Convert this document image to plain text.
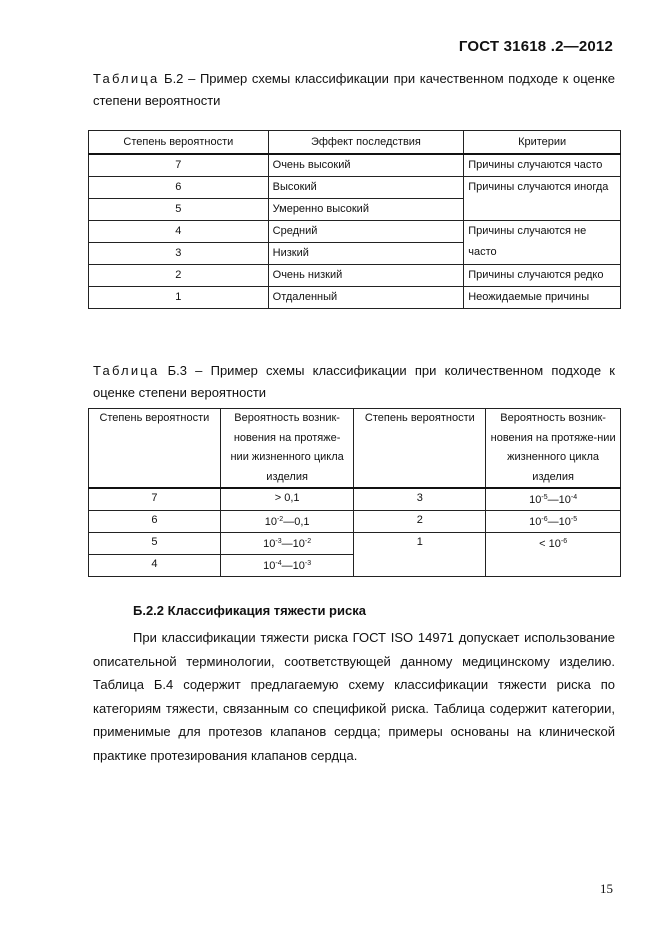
ГОСТ 31618 .2—2012
Таблица Б.2 – Пример схемы классификации при качественном подходе к оценке степени вероятности
Степень вероятности	Эффект последствия	Критерии
7	Очень высокий	Причины случаются часто
6	Высокий	Причины случаются иногда
5	Умеренно высокий	
4	Средний	Причины случаются не часто
3	Низкий	
2	Очень низкий	Причины случаются редко
1	Отдаленный	Неожидаемые причины
Таблица Б.3 – Пример схемы классификации при количественном подходе к оценке степени вероятности
Степень вероятности	Вероятность возник-новения на протяже-нии жизненного цикла изделия	Степень вероятности	Вероятность возник-новения на протяже-нии жизненного цикла изделия
7	> 0,1	3	$10^{-5}—10^{-4}$
6	$10^{-2}—0,1$	2	$10^{-6}—10^{-5}$
5	$10^{-3}—10^{-2}$	1	< $10^{-6}$
4	$10^{-4}—10^{-3}$
Б.2.2 Классификация тяжести риска
При классификации тяжести риска ГОСТ ISO 14971 допускает использование описательной терминологии, соответствующей данному медицинскому изделию. Таблица Б.4 содержит предлагаемую схему классификации тяжести риска по категориям тяжести, связанным со спецификой риска. Таблица содержит категории, применимые для протезов клапанов сердца; примеры основаны на клинической практике протезирования клапанов сердца.
15
